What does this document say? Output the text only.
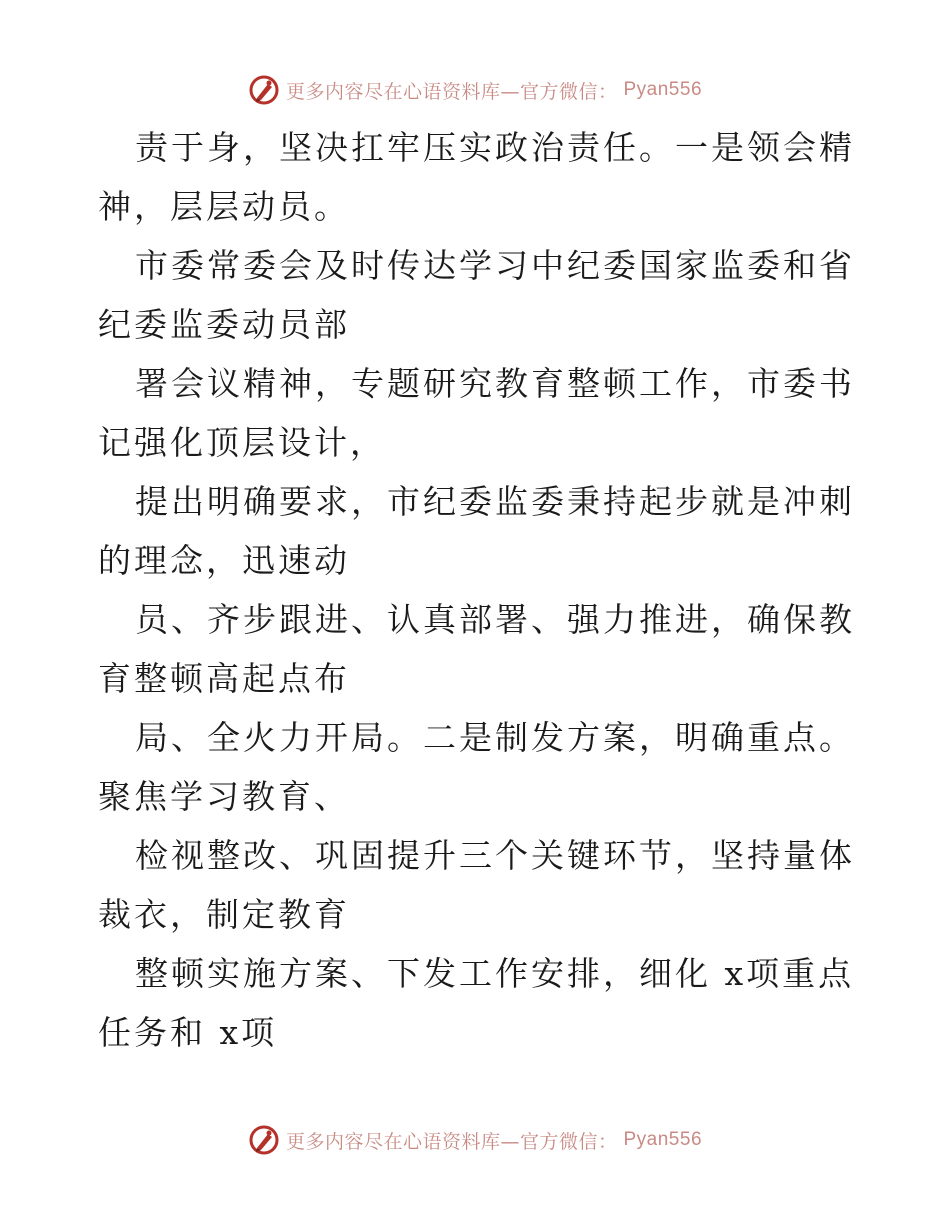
更多内容尽在心语资料库—官方微信： Pyan556

责于身，坚决扛牢压实政治责任。一是领会精神，层层动员。

市委常委会及时传达学习中纪委国家监委和省纪委监委动员部

署会议精神，专题研究教育整顿工作，市委书记强化顶层设计，

提出明确要求，市纪委监委秉持起步就是冲刺的理念，迅速动

员、齐步跟进、认真部署、强力推进，确保教育整顿高起点布

局、全火力开局。二是制发方案，明确重点。聚焦学习教育、

检视整改、巩固提升三个关键环节，坚持量体裁衣，制定教育

整顿实施方案、下发工作安排，细化 x项重点任务和 x项

更多内容尽在心语资料库—官方微信： Pyan556
